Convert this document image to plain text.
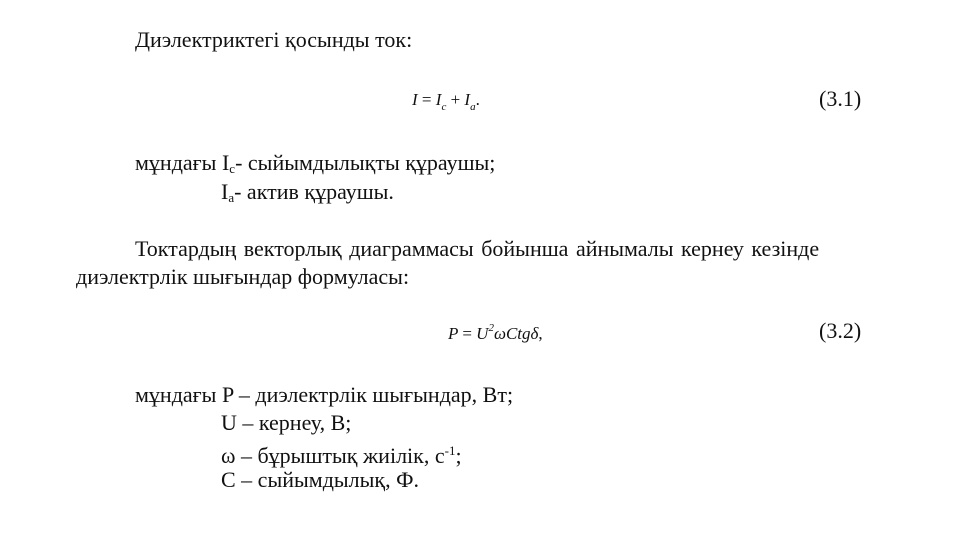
Диэлектриктегі қосынды ток:
$I = I_c + I_a$.	(3.1)
мұндағы $I_c-$ сыйымдылықты құраушы;
$I_a-$ актив құраушы.
Токтардың векторлық диаграммасы бойынша айнымалы кернеу кезінде
диэлектрлік шығындар формуласы:
$P = U^2\omega Ctg\delta$,	(3.2)
мұндағы P – диэлектрлік шығындар, Вт;
U – кернеу, В;
ω – бұрыштық жиілік, $с^{-1}$;
C – сыйымдылық, Ф.
